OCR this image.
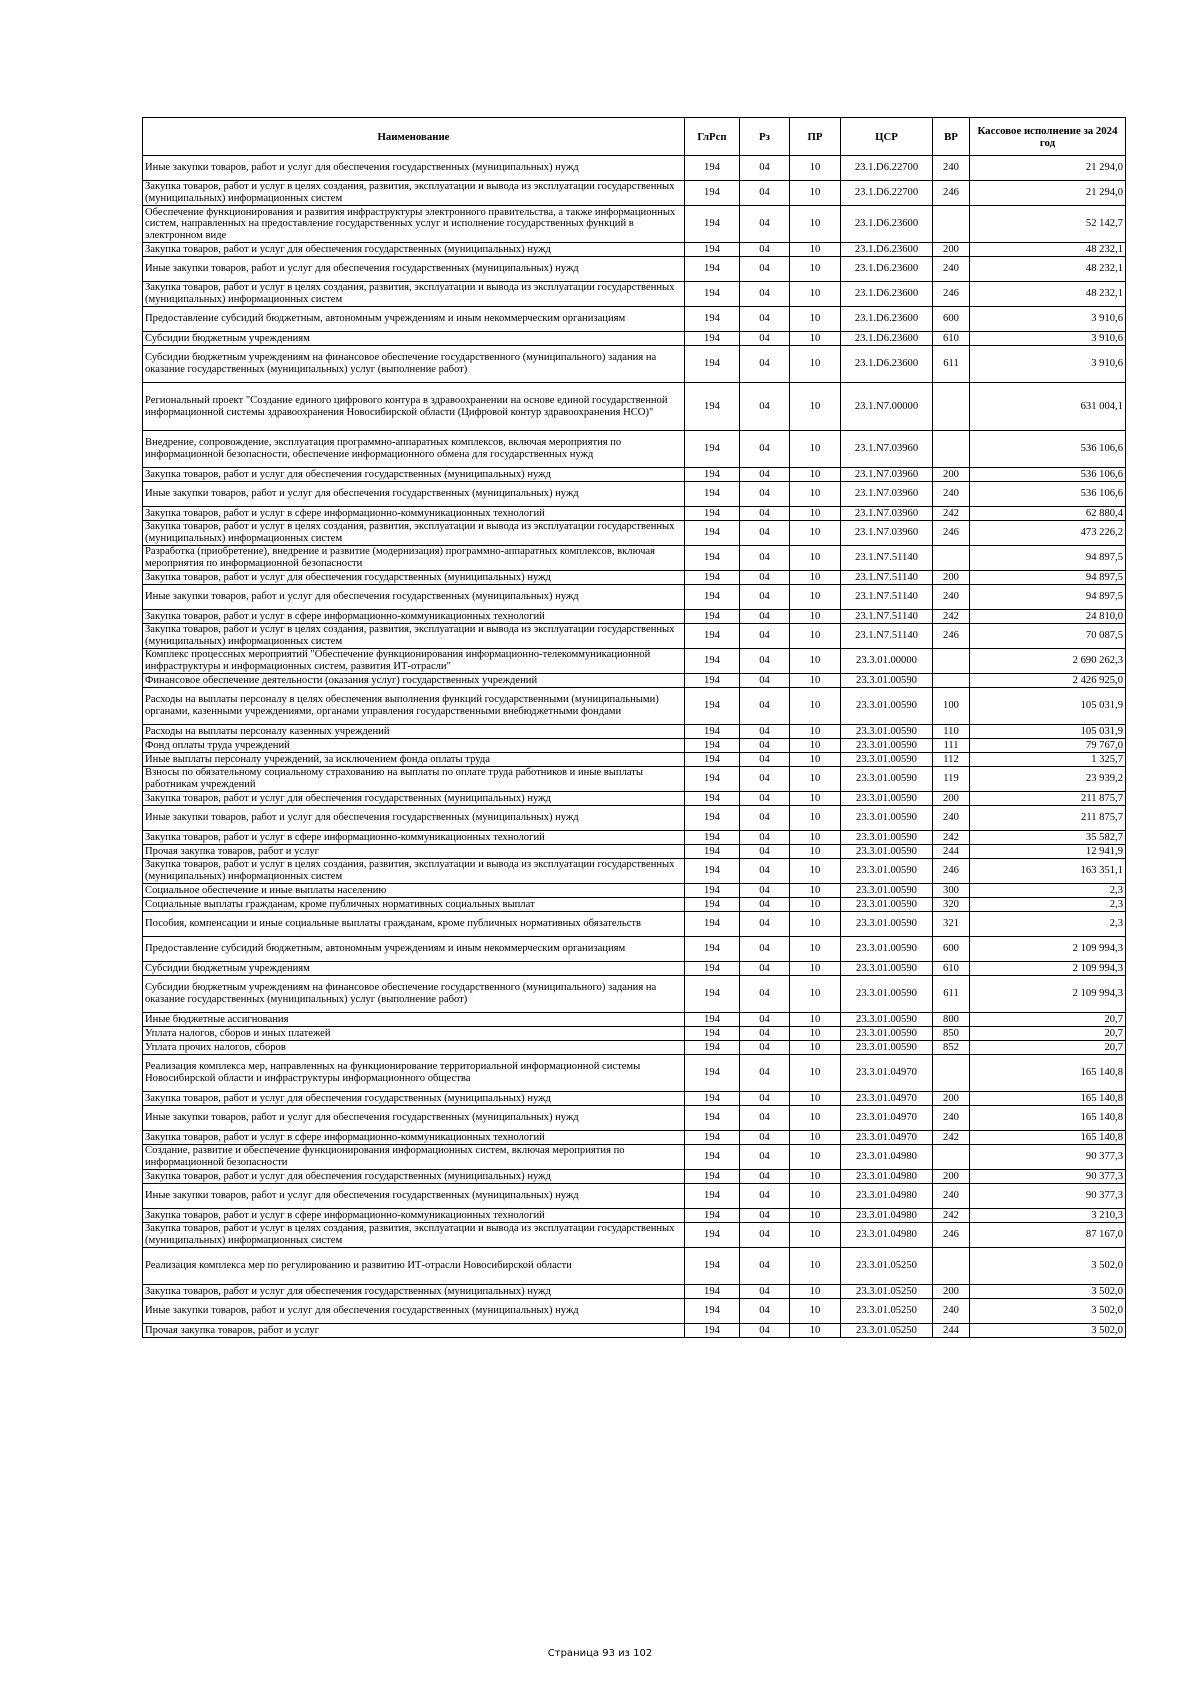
Наименование	ГлРсп	Рз	ПР	ЦСР	ВР	Кассовое исполнение за 2024 год
Иные закупки товаров, работ и услуг для обеспечения государственных (муниципальных) нужд	194	04	10	23.1.D6.22700	240	21 294,0
Закупка товаров, работ и услуг в целях создания, развития, эксплуатации и вывода из эксплуатации государственных (муниципальных) информационных систем	194	04	10	23.1.D6.22700	246	21 294,0
Обеспечение функционирования и развития инфраструктуры электронного правительства, а также информационных систем, направленных на предоставление государственных услуг и исполнение государственных функций в электронном виде	194	04	10	23.1.D6.23600		52 142,7
Закупка товаров, работ и услуг для обеспечения государственных (муниципальных) нужд	194	04	10	23.1.D6.23600	200	48 232,1
Иные закупки товаров, работ и услуг для обеспечения государственных (муниципальных) нужд	194	04	10	23.1.D6.23600	240	48 232,1
Закупка товаров, работ и услуг в целях создания, развития, эксплуатации и вывода из эксплуатации государственных (муниципальных) информационных систем	194	04	10	23.1.D6.23600	246	48 232,1
Предоставление субсидий бюджетным, автономным учреждениям и иным некоммерческим организациям	194	04	10	23.1.D6.23600	600	3 910,6
Субсидии бюджетным учреждениям	194	04	10	23.1.D6.23600	610	3 910,6
Субсидии бюджетным учреждениям на финансовое обеспечение государственного (муниципального) задания на оказание государственных (муниципальных) услуг (выполнение работ)	194	04	10	23.1.D6.23600	611	3 910,6
Региональный проект "Создание единого цифрового контура в здравоохранении на основе единой государственной информационной системы здравоохранения Новосибирской области (Цифровой контур здравоохранения НСО)"	194	04	10	23.1.N7.00000		631 004,1
Внедрение, сопровождение, эксплуатация программно-аппаратных комплексов, включая мероприятия по информационной безопасности, обеспечение информационного обмена для государственных нужд	194	04	10	23.1.N7.03960		536 106,6
Закупка товаров, работ и услуг для обеспечения государственных (муниципальных) нужд	194	04	10	23.1.N7.03960	200	536 106,6
Иные закупки товаров, работ и услуг для обеспечения государственных (муниципальных) нужд	194	04	10	23.1.N7.03960	240	536 106,6
Закупка товаров, работ и услуг в сфере информационно-коммуникационных технологий	194	04	10	23.1.N7.03960	242	62 880,4
Закупка товаров, работ и услуг в целях создания, развития, эксплуатации и вывода из эксплуатации государственных (муниципальных) информационных систем	194	04	10	23.1.N7.03960	246	473 226,2
Разработка (приобретение), внедрение и развитие (модернизация) программно-аппаратных комплексов, включая мероприятия по информационной безопасности	194	04	10	23.1.N7.51140		94 897,5
Закупка товаров, работ и услуг для обеспечения государственных (муниципальных) нужд	194	04	10	23.1.N7.51140	200	94 897,5
Иные закупки товаров, работ и услуг для обеспечения государственных (муниципальных) нужд	194	04	10	23.1.N7.51140	240	94 897,5
Закупка товаров, работ и услуг в сфере информационно-коммуникационных технологий	194	04	10	23.1.N7.51140	242	24 810,0
Закупка товаров, работ и услуг в целях создания, развития, эксплуатации и вывода из эксплуатации государственных (муниципальных) информационных систем	194	04	10	23.1.N7.51140	246	70 087,5
Комплекс процессных мероприятий "Обеспечение функционирования информационно-телекоммуникационной инфраструктуры и информационных систем, развития ИТ-отрасли"	194	04	10	23.3.01.00000		2 690 262,3
Финансовое обеспечение деятельности (оказания услуг) государственных учреждений	194	04	10	23.3.01.00590		2 426 925,0
Расходы на выплаты персоналу в целях обеспечения выполнения функций государственными (муниципальными) органами, казенными учреждениями, органами управления государственными внебюджетными фондами	194	04	10	23.3.01.00590	100	105 031,9
Расходы на выплаты персоналу казенных учреждений	194	04	10	23.3.01.00590	110	105 031,9
Фонд оплаты труда учреждений	194	04	10	23.3.01.00590	111	79 767,0
Иные выплаты персоналу учреждений, за исключением фонда оплаты труда	194	04	10	23.3.01.00590	112	1 325,7
Взносы по обязательному социальному страхованию на выплаты по оплате труда работников и иные выплаты работникам учреждений	194	04	10	23.3.01.00590	119	23 939,2
Закупка товаров, работ и услуг для обеспечения государственных (муниципальных) нужд	194	04	10	23.3.01.00590	200	211 875,7
Иные закупки товаров, работ и услуг для обеспечения государственных (муниципальных) нужд	194	04	10	23.3.01.00590	240	211 875,7
Закупка товаров, работ и услуг в сфере информационно-коммуникационных технологий	194	04	10	23.3.01.00590	242	35 582,7
Прочая закупка товаров, работ и услуг	194	04	10	23.3.01.00590	244	12 941,9
Закупка товаров, работ и услуг в целях создания, развития, эксплуатации и вывода из эксплуатации государственных (муниципальных) информационных систем	194	04	10	23.3.01.00590	246	163 351,1
Социальное обеспечение и иные выплаты населению	194	04	10	23.3.01.00590	300	2,3
Социальные выплаты гражданам, кроме публичных нормативных социальных выплат	194	04	10	23.3.01.00590	320	2,3
Пособия, компенсации и иные социальные выплаты гражданам, кроме публичных нормативных обязательств	194	04	10	23.3.01.00590	321	2,3
Предоставление субсидий бюджетным, автономным учреждениям и иным некоммерческим организациям	194	04	10	23.3.01.00590	600	2 109 994,3
Субсидии бюджетным учреждениям	194	04	10	23.3.01.00590	610	2 109 994,3
Субсидии бюджетным учреждениям на финансовое обеспечение государственного (муниципального) задания на оказание государственных (муниципальных) услуг (выполнение работ)	194	04	10	23.3.01.00590	611	2 109 994,3
Иные бюджетные ассигнования	194	04	10	23.3.01.00590	800	20,7
Уплата налогов, сборов и иных платежей	194	04	10	23.3.01.00590	850	20,7
Уплата прочих налогов, сборов	194	04	10	23.3.01.00590	852	20,7
Реализация комплекса мер, направленных на функционирование территориальной информационной системы Новосибирской области и инфраструктуры информационного общества	194	04	10	23.3.01.04970		165 140,8
Закупка товаров, работ и услуг для обеспечения государственных (муниципальных) нужд	194	04	10	23.3.01.04970	200	165 140,8
Иные закупки товаров, работ и услуг для обеспечения государственных (муниципальных) нужд	194	04	10	23.3.01.04970	240	165 140,8
Закупка товаров, работ и услуг в сфере информационно-коммуникационных технологий	194	04	10	23.3.01.04970	242	165 140,8
Создание, развитие и обеспечение функционирования информационных систем, включая мероприятия по информационной безопасности	194	04	10	23.3.01.04980		90 377,3
Закупка товаров, работ и услуг для обеспечения государственных (муниципальных) нужд	194	04	10	23.3.01.04980	200	90 377,3
Иные закупки товаров, работ и услуг для обеспечения государственных (муниципальных) нужд	194	04	10	23.3.01.04980	240	90 377,3
Закупка товаров, работ и услуг в сфере информационно-коммуникационных технологий	194	04	10	23.3.01.04980	242	3 210,3
Закупка товаров, работ и услуг в целях создания, развития, эксплуатации и вывода из эксплуатации государственных (муниципальных) информационных систем	194	04	10	23.3.01.04980	246	87 167,0
Реализация комплекса мер по регулированию и развитию ИТ-отрасли Новосибирской области	194	04	10	23.3.01.05250		3 502,0
Закупка товаров, работ и услуг для обеспечения государственных (муниципальных) нужд	194	04	10	23.3.01.05250	200	3 502,0
Иные закупки товаров, работ и услуг для обеспечения государственных (муниципальных) нужд	194	04	10	23.3.01.05250	240	3 502,0
Прочая закупка товаров, работ и услуг	194	04	10	23.3.01.05250	244	3 502,0
Страница 93 из 102
